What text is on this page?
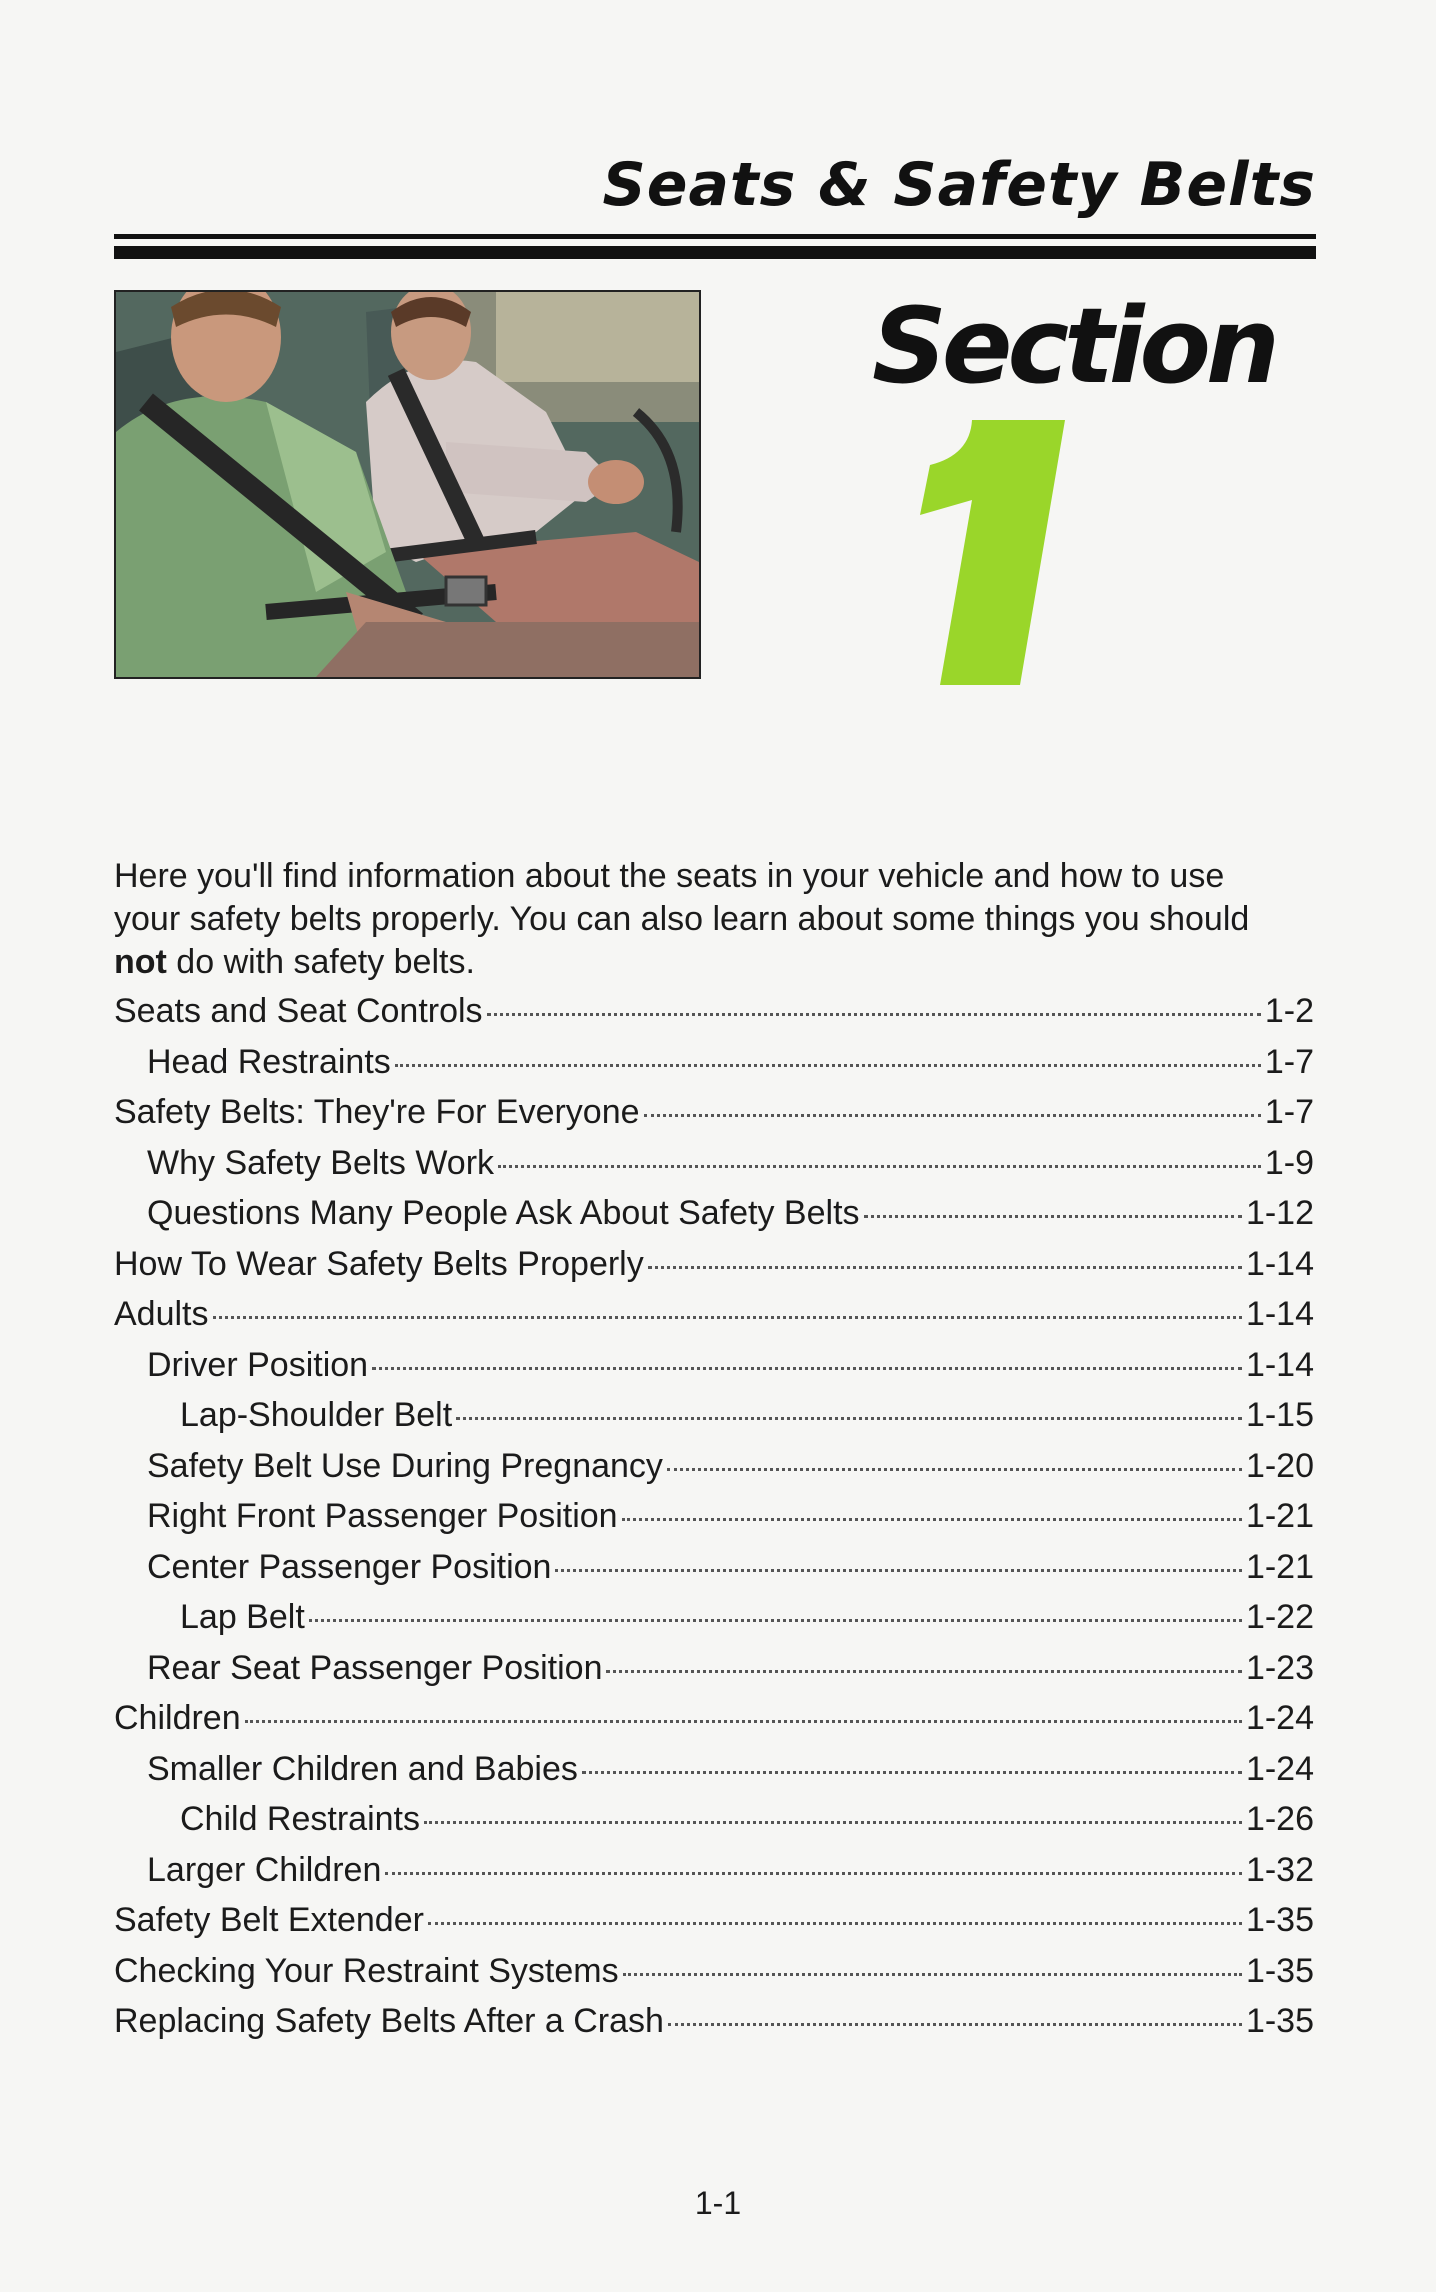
Seats & Safety Belts
Section
Here you'll find information about the seats in your vehicle and how to use your safety belts properly. You can also learn about some things you should not do with safety belts.
Seats and Seat Controls	1-2
Head Restraints	1-7
Safety Belts: They're For Everyone	1-7
Why Safety Belts Work	1-9
Questions Many People Ask About Safety Belts	1-12
How To Wear Safety Belts Properly	1-14
Adults	1-14
Driver Position	1-14
Lap-Shoulder Belt	1-15
Safety Belt Use During Pregnancy	1-20
Right Front Passenger Position	1-21
Center Passenger Position	1-21
Lap Belt	1-22
Rear Seat Passenger Position	1-23
Children	1-24
Smaller Children and Babies	1-24
Child Restraints	1-26
Larger Children	1-32
Safety Belt Extender	1-35
Checking Your Restraint Systems	1-35
Replacing Safety Belts After a Crash	1-35
1-1
